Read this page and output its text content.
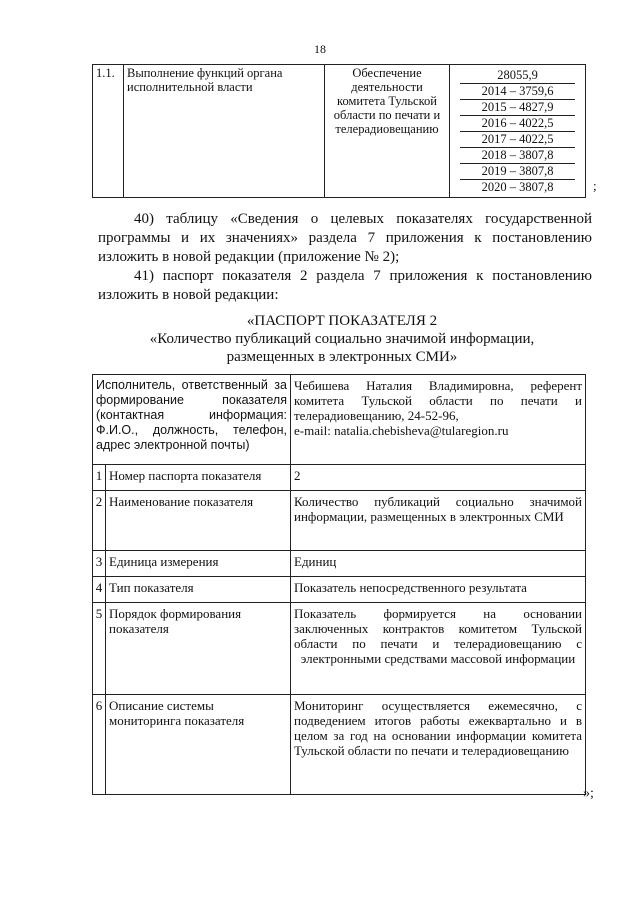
18
1.1.	Выполнение функций органа исполнительной власти	Обеспечение деятельности комитета Тульской области по печати и телерадиовещанию	
28055,9
2014 – 3759,6
2015 – 4827,9
2016 – 4022,5
2017 – 4022,5
2018 – 3807,8
2019 – 3807,8
2020 – 3807,8	;
40) таблицу «Сведения о целевых показателях государственной программы и их значениях» раздела 7 приложения к постановлению изложить в новой редакции (приложение № 2);
41) паспорт показателя 2 раздела 7 приложения к постановлению изложить в новой редакции:
«ПАСПОРТ ПОКАЗАТЕЛЯ 2
«Количество публикаций социально значимой информации,
размещенных в электронных СМИ»
Исполнитель, ответственный за формирование показателя (контактная информация: Ф.И.О., должность, телефон, адрес электронной почты)		Чебишева Наталия Владимировна, референт комитета Тульской области по печати и телерадиовещанию, 24-52-96,
e-mail: natalia.chebisheva@tularegion.ru

1	Номер паспорта показателя	2
2	Наименование показателя	Количество публикаций социально значимой информации, размещенных в электронных СМИ
3	Единица измерения	Единиц
4	Тип показателя	Показатель непосредственного результата
5	Порядок формирования показателя	Показатель формируется на основании заключенных контрактов комитетом Тульской области по печати и телерадиовещанию с электронными средствами массовой информации
6	Описание системы мониторинга показателя	Мониторинг осуществляется ежемесячно, с подведением итогов работы ежеквартально и в целом за год на основании информации комитета Тульской области по печати и телерадиовещанию
»;
